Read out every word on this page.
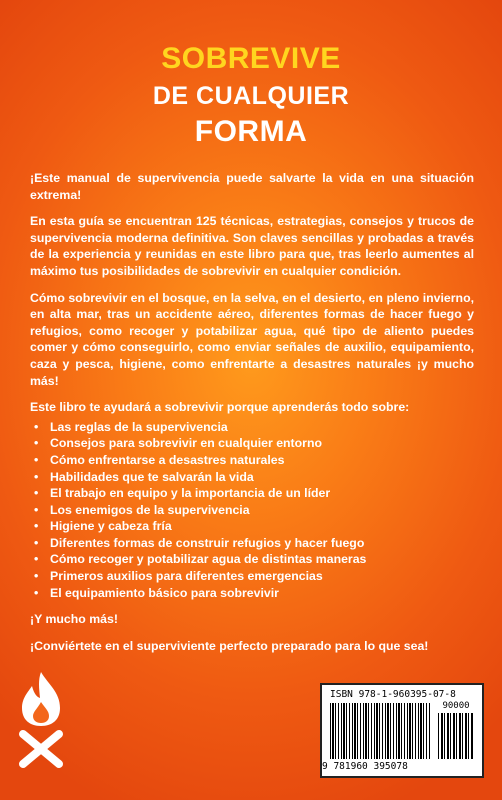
SOBREVIVE
DE CUALQUIER
FORMA

¡Este manual de supervivencia puede salvarte la vida en una situación extrema!

En esta guía se encuentran 125 técnicas, estrategias, consejos y trucos de supervivencia moderna definitiva. Son claves sencillas y probadas a través de la experiencia y reunidas en este libro para que, tras leerlo aumentes al máximo tus posibilidades de sobrevivir en cualquier condición.

Cómo sobrevivir en el bosque, en la selva, en el desierto, en pleno invierno, en alta mar, tras un accidente aéreo, diferentes formas de hacer fuego y refugios, como recoger y potabilizar agua, qué tipo de aliento puedes comer y cómo conseguirlo, como enviar señales de auxilio, equipamiento, caza y pesca, higiene, como enfrentarte a desastres naturales ¡y mucho más!

Este libro te ayudará a sobrevivir porque aprenderás todo sobre:

• Las reglas de la supervivencia
• Consejos para sobrevivir en cualquier entorno
• Cómo enfrentarse a desastres naturales
• Habilidades que te salvarán la vida
• El trabajo en equipo y la importancia de un líder
• Los enemigos de la supervivencia
• Higiene y cabeza fría
• Diferentes formas de construir refugios y hacer fuego
• Cómo recoger y potabilizar agua de distintas maneras
• Primeros auxilios para diferentes emergencias
• El equipamiento básico para sobrevivir

¡Y mucho más!

¡Conviértete en el superviviente perfecto preparado para lo que sea!

ISBN 978-1-960395-07-8
90000
9 781960 395078
